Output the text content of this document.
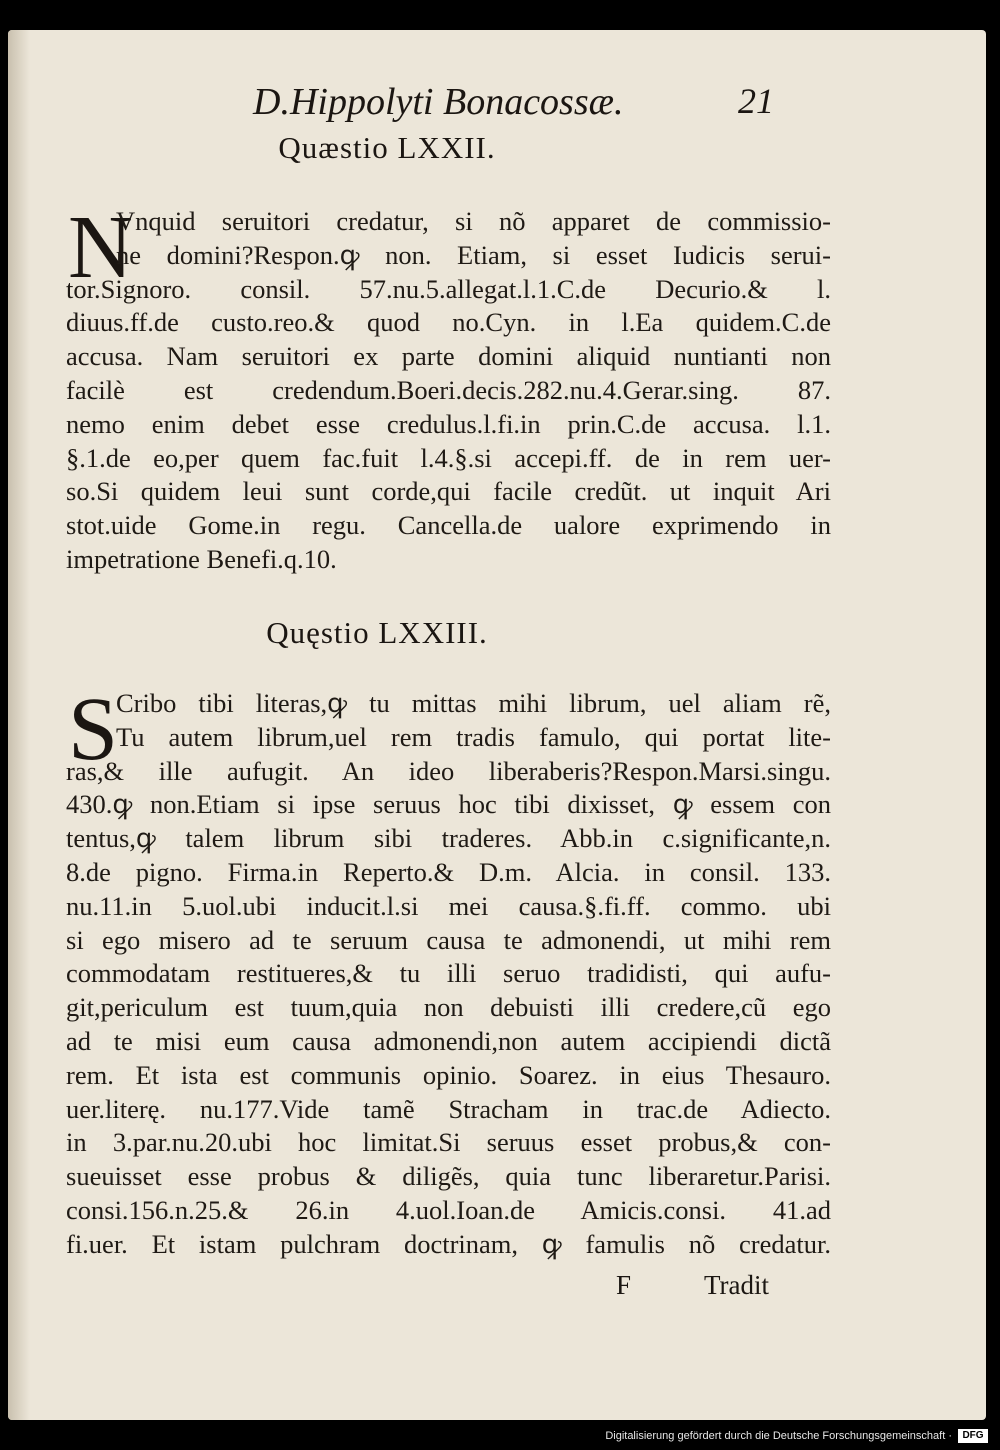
D.Hippolyti Bonacossæ.	21
Quæstio LXXII.
N
Vnquid seruitori credatur, si nõ apparet de commissio-
ne domini?Respon.ꝙ non. Etiam, si esset Iudicis serui-
tor.Signoro. consil. 57.nu.5.allegat.l.1.C.de Decurio.& l.
diuus.ff.de custo.reo.& quod no.Cyn. in l.Ea quidem.C.de
accusa. Nam seruitori ex parte domini aliquid nuntianti non
facilè est credendum.Boeri.decis.282.nu.4.Gerar.sing. 87.
nemo enim debet esse credulus.l.fi.in prin.C.de accusa. l.1.
§.1.de eo,per quem fac.fuit l.4.§.si accepi.ff. de in rem uer-
so.Si quidem leui sunt corde,qui facile credũt. ut inquit Ari
stot.uide Gome.in regu. Cancella.de ualore exprimendo in
impetratione Benefi.q.10.
Quęstio LXXIII.
S
Cribo tibi literas,ꝙ tu mittas mihi librum, uel aliam rẽ,
Tu autem librum,uel rem tradis famulo, qui portat lite-
ras,& ille aufugit. An ideo liberaberis?Respon.Marsi.singu.
430.ꝙ non.Etiam si ipse seruus hoc tibi dixisset, ꝙ essem con
tentus,ꝙ talem librum sibi traderes. Abb.in c.significante,n.
8.de pigno. Firma.in Reperto.& D.m. Alcia. in consil. 133.
nu.11.in 5.uol.ubi inducit.l.si mei causa.§.fi.ff. commo. ubi
si ego misero ad te seruum causa te admonendi, ut mihi rem
commodatam restitueres,& tu illi seruo tradidisti, qui aufu-
git,periculum est tuum,quia non debuisti illi credere,cũ ego
ad te misi eum causa admonendi,non autem accipiendi dictã
rem. Et ista est communis opinio. Soarez. in eius Thesauro.
uer.literę. nu.177.Vide tamẽ Stracham in trac.de Adiecto.
in 3.par.nu.20.ubi hoc limitat.Si seruus esset probus,& con-
sueuisset esse probus & diligẽs, quia tunc liberaretur.Parisi.
consi.156.n.25.& 26.in 4.uol.Ioan.de Amicis.consi. 41.ad
fi.uer. Et istam pulchram doctrinam, ꝙ famulis nõ credatur.
F	Tradit
Digitalisierung gefördert durch die Deutsche Forschungsgemeinschaft ·	DFG
